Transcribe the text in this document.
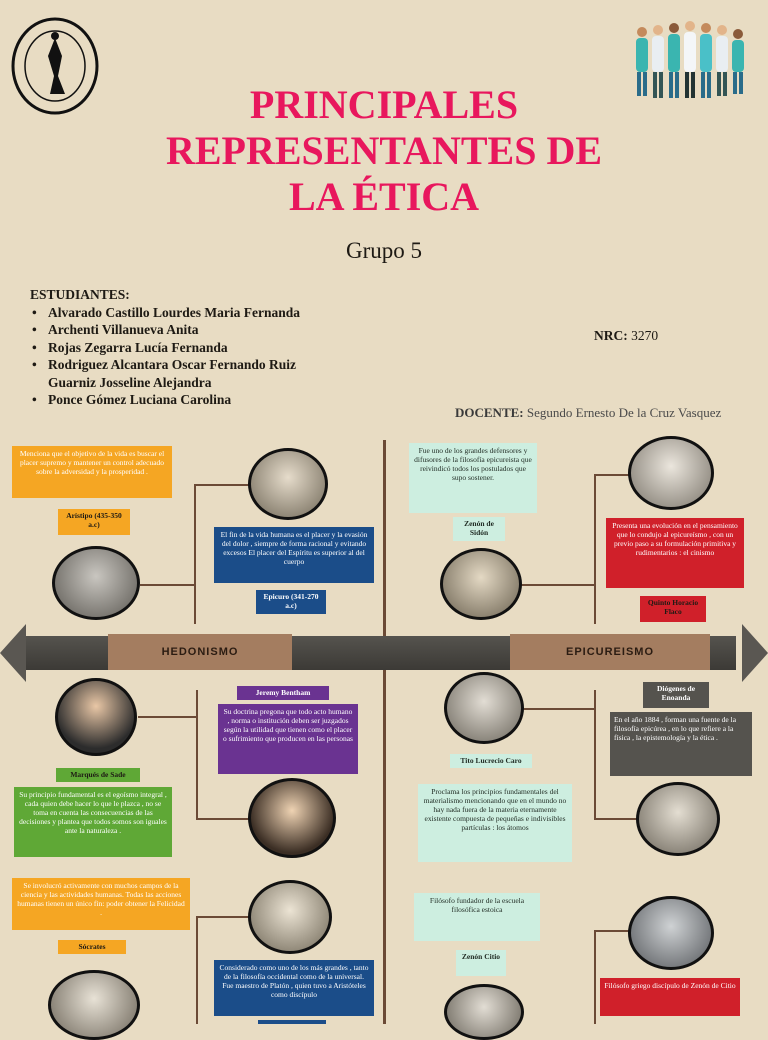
PRINCIPALES
REPRESENTANTES DE
LA ÉTICA
Grupo 5
ESTUDIANTES:
• Alvarado Castillo Lourdes Maria Fernanda
• Archenti Villanueva Anita
• Rojas Zegarra Lucía Fernanda
• Rodriguez Alcantara Oscar Fernando Ruiz
Guarniz Josseline Alejandra
• Ponce Gómez Luciana Carolina
NRC: 3270
DOCENTE: Segundo Ernesto De la Cruz Vasquez
HEDONISMO	EPICUREISMO
Menciona que el objetivo de la vida es buscar el placer supremo y mantener un control adecuado sobre la adversidad y la prosperidad .
Arístipo (435-350 a.c)
El fin de la vida humana es el placer y la evasión del dolor , siempre de forma racional y evitando excesos El placer del Espíritu es superior al del cuerpo
Epicuro (341-270 a.c)
Marqués de Sade
Su principio fundamental es el egoísmo integral , cada quien debe hacer lo que le plazca , no se toma en cuenta las consecuencias de las decisiones y plantea que todos somos son iguales ante la naturaleza .
Jeremy Bentham
Su doctrina pregona que todo acto humano , norma o institución deben ser juzgados según la utilidad que tienen como el placer o sufrimiento que producen en las personas
Se involucró activamente con muchos campos de la ciencia y las actividades humanas. Todas las acciones humanas tienen un único fin: poder obtener la Felicidad .
Sócrates
Considerado como uno de los más grandes , tanto de la filosofía occidental como de la universal. Fue maestro de Platón , quien tuvo a Aristóteles como discípulo
Fue uno de los grandes defensores y difusores de la filosofía epicureista que reivindicó todos los postulados que supo sostener.
Zenón de Sidón
Presenta una evolución en el pensamiento que lo condujo al epicureísmo , con un previo paso a su formulación primitiva y rudimentarios : el cinismo
Quinto Horacio Flaco
Tito Lucrecio Caro
Proclama los principios fundamentales del materialismo mencionando que en el mundo no hay nada fuera de la materia eternamente existente compuesta de pequeñas e indivisibles partículas : los átomos
Diógenes de Enoanda
En el año 1884 , forman una fuente de la filosofía epicúrea , en lo que refiere a la física , la epistemología y la ética .
Filósofo fundador de la escuela filosófica estoica
Zenón Citio
Filósofo griego discípulo de Zenón de Citio
